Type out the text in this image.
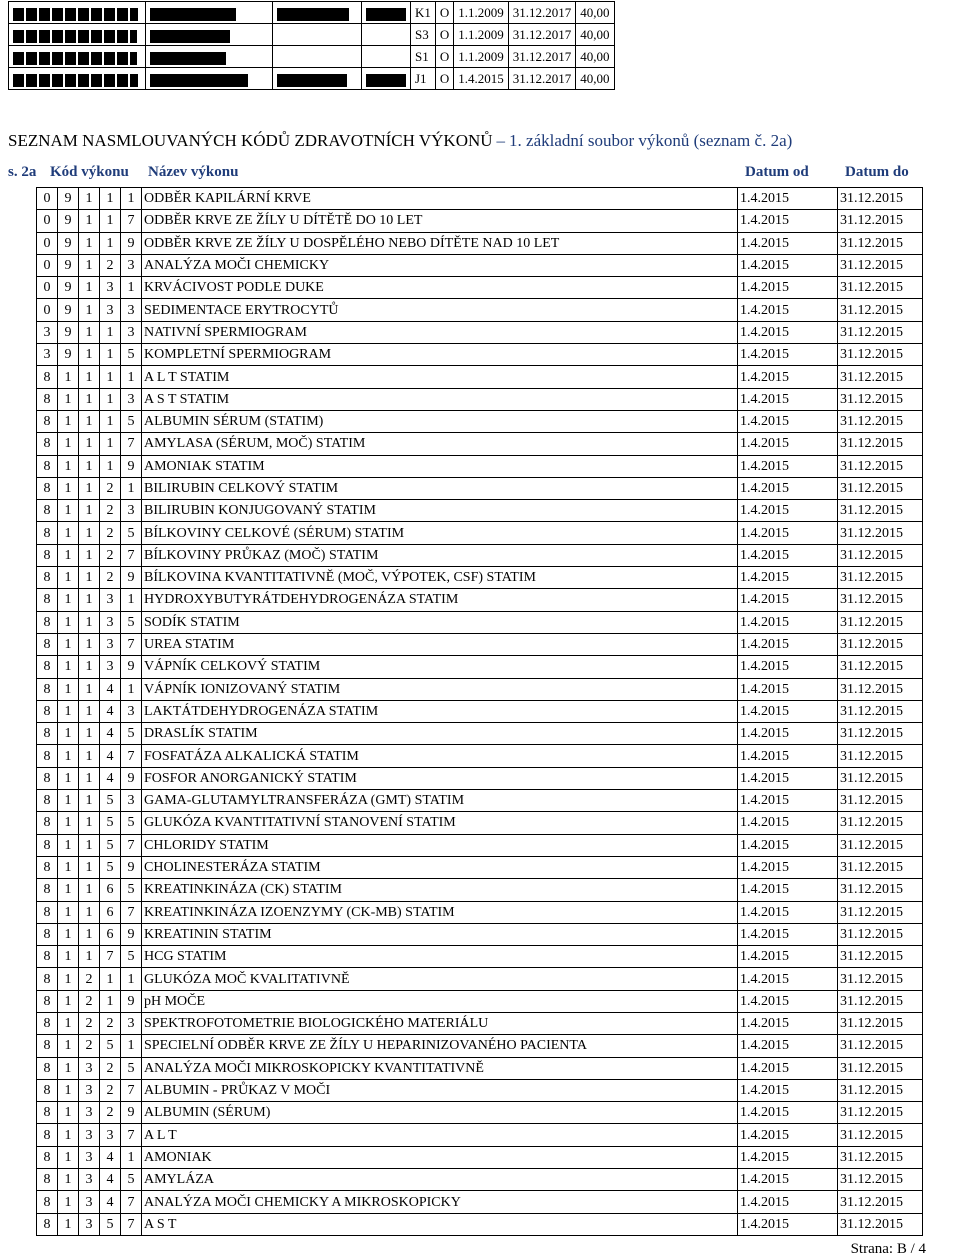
				K1	O	1.1.2009	31.12.2017	40,00
				S3	O	1.1.2009	31.12.2017	40,00
				S1	O	1.1.2009	31.12.2017	40,00
				J1	O	1.4.2015	31.12.2017	40,00
SEZNAM NASMLOUVANÝCH KÓDŮ ZDRAVOTNÍCH VÝKONŮ – 1. základní soubor výkonů (seznam č. 2a)
s. 2a Kód výkonu Název výkonu	Datum od Datum do
0	9	1	1	1	ODBĚR KAPILÁRNÍ KRVE	1.4.2015	31.12.2015
0	9	1	1	7	ODBĚR KRVE ZE ŽÍLY U DÍTĚTĚ DO 10 LET	1.4.2015	31.12.2015
0	9	1	1	9	ODBĚR KRVE ZE ŽÍLY U DOSPĚLÉHO NEBO DÍTĚTE NAD 10 LET	1.4.2015	31.12.2015
0	9	1	2	3	ANALÝZA MOČI CHEMICKY	1.4.2015	31.12.2015
0	9	1	3	1	KRVÁCIVOST PODLE DUKE	1.4.2015	31.12.2015
0	9	1	3	3	SEDIMENTACE ERYTROCYTŮ	1.4.2015	31.12.2015
3	9	1	1	3	NATIVNÍ SPERMIOGRAM	1.4.2015	31.12.2015
3	9	1	1	5	KOMPLETNÍ SPERMIOGRAM	1.4.2015	31.12.2015
8	1	1	1	1	A L T STATIM	1.4.2015	31.12.2015
8	1	1	1	3	A S T STATIM	1.4.2015	31.12.2015
8	1	1	1	5	ALBUMIN SÉRUM (STATIM)	1.4.2015	31.12.2015
8	1	1	1	7	AMYLASA (SÉRUM, MOČ) STATIM	1.4.2015	31.12.2015
8	1	1	1	9	AMONIAK STATIM	1.4.2015	31.12.2015
8	1	1	2	1	BILIRUBIN CELKOVÝ STATIM	1.4.2015	31.12.2015
8	1	1	2	3	BILIRUBIN KONJUGOVANÝ STATIM	1.4.2015	31.12.2015
8	1	1	2	5	BÍLKOVINY CELKOVÉ (SÉRUM) STATIM	1.4.2015	31.12.2015
8	1	1	2	7	BÍLKOVINY PRŮKAZ (MOČ) STATIM	1.4.2015	31.12.2015
8	1	1	2	9	BÍLKOVINA KVANTITATIVNĚ (MOČ, VÝPOTEK, CSF) STATIM	1.4.2015	31.12.2015
8	1	1	3	1	HYDROXYBUTYRÁTDEHYDROGENÁZA STATIM	1.4.2015	31.12.2015
8	1	1	3	5	SODÍK STATIM	1.4.2015	31.12.2015
8	1	1	3	7	UREA STATIM	1.4.2015	31.12.2015
8	1	1	3	9	VÁPNÍK CELKOVÝ STATIM	1.4.2015	31.12.2015
8	1	1	4	1	VÁPNÍK IONIZOVANÝ STATIM	1.4.2015	31.12.2015
8	1	1	4	3	LAKTÁTDEHYDROGENÁZA STATIM	1.4.2015	31.12.2015
8	1	1	4	5	DRASLÍK STATIM	1.4.2015	31.12.2015
8	1	1	4	7	FOSFATÁZA ALKALICKÁ STATIM	1.4.2015	31.12.2015
8	1	1	4	9	FOSFOR ANORGANICKÝ STATIM	1.4.2015	31.12.2015
8	1	1	5	3	GAMA-GLUTAMYLTRANSFERÁZA (GMT) STATIM	1.4.2015	31.12.2015
8	1	1	5	5	GLUKÓZA KVANTITATIVNÍ STANOVENÍ STATIM	1.4.2015	31.12.2015
8	1	1	5	7	CHLORIDY STATIM	1.4.2015	31.12.2015
8	1	1	5	9	CHOLINESTERÁZA STATIM	1.4.2015	31.12.2015
8	1	1	6	5	KREATINKINÁZA (CK) STATIM	1.4.2015	31.12.2015
8	1	1	6	7	KREATINKINÁZA IZOENZYMY (CK-MB) STATIM	1.4.2015	31.12.2015
8	1	1	6	9	KREATININ STATIM	1.4.2015	31.12.2015
8	1	1	7	5	HCG STATIM	1.4.2015	31.12.2015
8	1	2	1	1	GLUKÓZA MOČ KVALITATIVNĚ	1.4.2015	31.12.2015
8	1	2	1	9	pH MOČE	1.4.2015	31.12.2015
8	1	2	2	3	SPEKTROFOTOMETRIE BIOLOGICKÉHO MATERIÁLU	1.4.2015	31.12.2015
8	1	2	5	1	SPECIELNÍ ODBĚR KRVE ZE ŽÍLY U HEPARINIZOVANÉHO PACIENTA	1.4.2015	31.12.2015
8	1	3	2	5	ANALÝZA MOČI MIKROSKOPICKY KVANTITATIVNĚ	1.4.2015	31.12.2015
8	1	3	2	7	ALBUMIN - PRŮKAZ V MOČI	1.4.2015	31.12.2015
8	1	3	2	9	ALBUMIN (SÉRUM)	1.4.2015	31.12.2015
8	1	3	3	7	A L T	1.4.2015	31.12.2015
8	1	3	4	1	AMONIAK	1.4.2015	31.12.2015
8	1	3	4	5	AMYLÁZA	1.4.2015	31.12.2015
8	1	3	4	7	ANALÝZA MOČI CHEMICKY A MIKROSKOPICKY	1.4.2015	31.12.2015
8	1	3	5	7	A S T	1.4.2015	31.12.2015
Strana: B / 4
